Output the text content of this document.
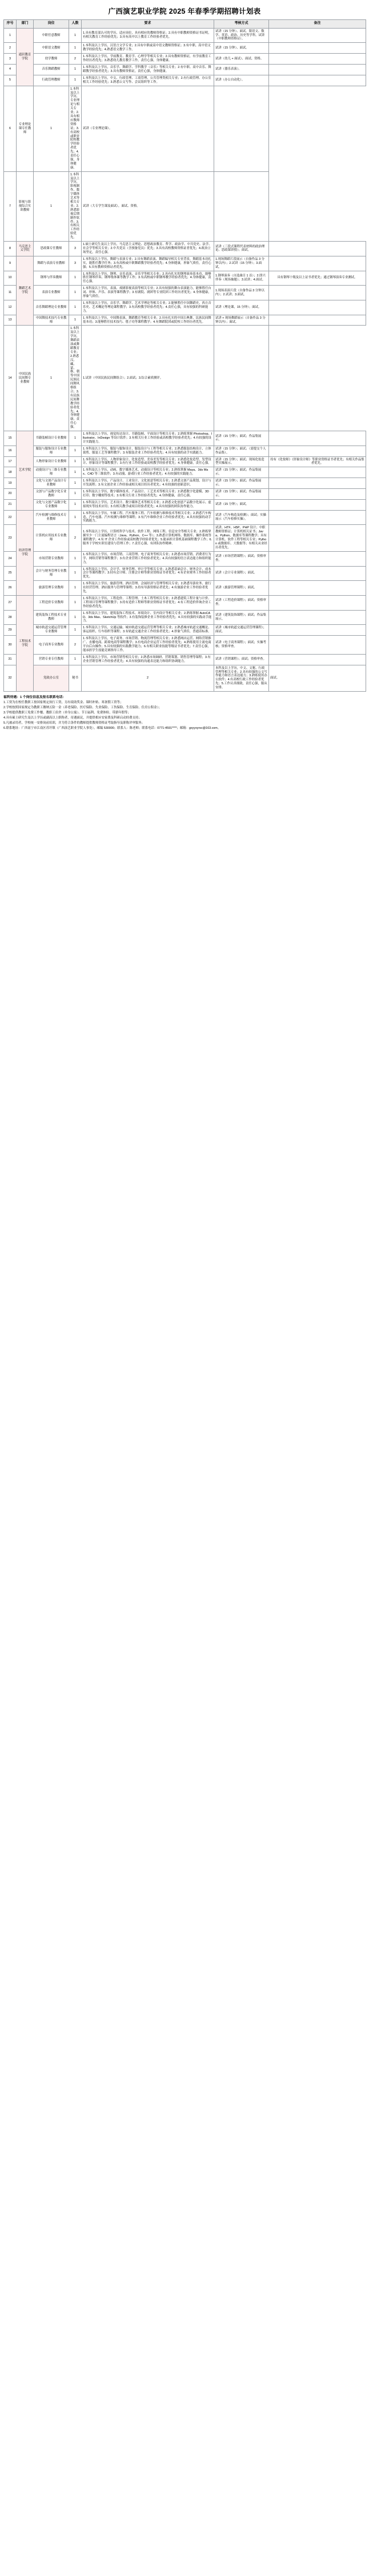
广西演艺职业学院 2025 年春季学期招聘计划表
序号	部门	岗位	人数	要求	考核方式	备注	
1	通识教育学院	中职任意教师	1	1.具有教育部认可的学历，适应岗位，具有相应的教师资格证；2.具有中职教师资格证书证明，有相关教育工作经验优先；3.具有高中以上教育工作经验者优先。	试讲（15 分钟）、面试。限语文、数学、英语、政治、历史等学科。试讲（中职教师资格证）。		
2		中职语文教师	1	1.本科及以上学历，汉语言文学专业；2.具有中职或高中语文教师资格证；3.有中职、高中语文教学经验优先；4.熟悉语文教学工作。	试讲（15 分钟）、面试。		
3		幼学教师	2	1.本科及以上学历，学前教育、教育学、心理学等相关专业；2.具有教师资格证，有学前教育工作经历者优先；3.熟悉幼儿教育教学工作，责任心强，身体健康。	试讲（幼儿 + 面试）、面试、资格。		
4		音乐舞蹈教师	1	1.本科及以上学历，音乐学、舞蹈学、学科教学（音乐）等相关专业；2.有中职、高中音乐、舞蹈教学经验者优先；3.具有教师资格证，责任心强，身体健康。	试讲（器乐表演）。		
5		行政管理教师	1	1.本科及以上学历，中文、行政管理、工商管理、公共管理类相关专业；2.有行政管理、办公室相关工作经验优先；3.熟悉公文写作、会议组织等工作。	试讲（办公自动化）。		
6	专业理论课专任教师	1	1.本科及以上学历，专业理论与相关专业；2.具有相应教师资格证；3.有高校或职业院校教学经验者优先；4.责任心强，身体健康。	试讲（专业理论课）。			
7	影视与影视综合实训教师	1	1.本科及以上学历，影视制作、数字媒体艺术等相关专业；2.熟悉影视后期制作软件；3.有相关工作经验优先。	试讲（大专学生课及面试），面试、资格。			
8	马克思主义学院	思政课专任教师	3	1.硕士研究生及以上学历，马克思主义理论、思想政治教育、哲学、政治学、中共党史、法学、社会学等相关专业；2.中共党员（含预备党员）优先；3.具有高校教师资格证者优先；4.政治立场坚定，责任心强。	试讲（三段式课程代表材料的政治理论、思政课讲授）；面试。		
9	舞蹈艺术学院	舞蹈与表演专业教师	3	1.本科及以上学历，舞蹈与表演专业；2.具有舞蹈表演、舞蹈编导相关专业背景，舞蹈基本功扎实，能胜任教学任务；3.有高校或中职舞蹈教学经验者优先；4.身体健康，形象气质佳，责任心强；5.具有教师资格证者优先。	1.现场舞蹈片段展示（自备作品 3 分钟以内）；2.试讲（15 分钟）；3.面试。		
10		钢琴与伴奏教师	1	1.本科及以上学历，钢琴、音乐表演、音乐学等相关专业；2.具有扎实的钢琴演奏基本功，能够胜任钢琴伴奏、钢琴集体课等教学工作；3.有高校或中职钢琴教学经验者优先；4.身体健康，责任心强。	1.钢琴演奏（自选曲目 1 首）；2.即兴伴奏（现场抽题）；3.试讲；4.面试。	具有钢琴十级及以上证书者优先；通过钢琴演奏专业测试。	
11		表演专业教师	1	1.本科及以上学历，表演、戏剧影视表演等相关专业；2.具有较强的舞台表演能力，能够胜任台词、形体、声乐、表演等课程教学；3.有剧院、剧团等专业院团工作经历者优先；4.身体健康，形象气质佳。	1.现场表演片段（自备作品 3 分钟以内）；2.试讲；3.面试。		
12		音乐舞蹈理论专业教师	1	1.本科及以上学历，音乐学、舞蹈学、艺术学理论等相关专业；2.能够胜任中国舞蹈史、西方音乐史、艺术概论等理论课程教学；3.有高校教学经验者优先；4.责任心强，具有较强的科研能力。	试讲（理论课，15 分钟）；面试。		
13		中国舞技术技巧专业教师	1	1.本科及以上学历，中国舞表演、舞蹈教育等相关专业；2.具有扎实的中国古典舞、民族民间舞基本功；3.能够胜任技术技巧、毯子功等课程教学；4.有舞蹈院团或院校工作经历者优先。	试讲 + 现场舞蹈展示（自备作品 3 分钟以内）；面试。		
14	中国民族民间舞专业教师	1	1.本科及以上学历，舞蹈表演或舞蹈教育专业；2.熟悉汉、藏、蒙、维、朝等中国民族民间舞风格组合；3.有民族民间舞教学经验者优先；4.身体健康，责任心强。	1.试讲（中国民族民间舞组合）；2.面试；3.综合素质测评。			
15	艺术学院	书籍装帧设计专业教师	1	1.本科及以上学历，视觉传达设计、书籍装帧、平面设计等相关专业；2.熟练掌握 Photoshop、Illustrator、InDesign 等设计软件；3.有相关行业工作经验或高校教学经验者优先；4.有较强的设计实践能力。	试讲（15 分钟）；面试；作品集展示。		
16		服装与服饰设计专业教师	1	1.本科及以上学历，服装与服饰设计、服装设计与工程等相关专业；2.熟悉服装结构设计、立体裁剪、服装工艺等课程教学；3.有服装企业工作经验者优先；4.具有较强的动手实践能力。	试讲（15 分钟）；面试；（需提交个人作品集）。		
17		人物形象设计专业教师	1	1.本科及以上学历，人物形象设计、化妆造型、美容美发等相关专业；2.熟悉化妆造型、发型设计、形象设计等课程教学；3.有行业工作经验或高校教学经验者优先；4.身体健康，责任心强。	试讲（15 分钟）；面试；现场化妆造型实操展示。	持有《化妆师》《形象设计师》等职业资格证书者优先；有相关作品集者优先。	
18		动漫设计与三维专业教师	1	1.本科及以上学历，动画、数字媒体艺术、动漫设计等相关专业；2.熟练掌握 Maya、3ds Max、C4D 等三维软件；3.有动漫、游戏行业工作经验者优先；4.有较强的实践能力。	试讲（15 分钟）；面试；作品集展示。		
19		文化与文创产品设计专业教师	1	1.本科及以上学历，产品设计、工业设计、文化创意等相关专业；2.熟悉文创产品策划、设计与开发流程；3.有文创企业工作经验或相关项目经历者优先；4.有较强的创新意识。	试讲（15 分钟）；面试；作品集展示。		
20		文创与产品数字化专业教师	1	1.本科及以上学历，数字媒体技术、产品设计、工艺美术等相关专业；2.熟悉数字化建模、3D 打印、数字雕刻等技术；3.有相关行业工作经验者优先；4.身体健康，责任心强。	试讲（15 分钟）；面试；作品集展示。		
21		文化与文创产品数字化专业教师	1	1.本科及以上学历，艺术设计、数字媒体艺术等相关专业；2.熟悉文化创意产品数字化展示、虚拟现实等技术应用；3.有相关教学或项目经验者优先；4.具有较强的团队协作能力。	试讲（15 分钟）；面试。		
22	经济管理学院	汽车检测与维修技术专业教师	1	1.本科及以上学历，车辆工程、汽车服务工程、汽车检测与维修技术等相关专业；2.熟悉汽车构造、汽车电器、汽车检测与维修等课程；3.有汽车维修企业工作经验者优先；4.具有较强的动手实践能力。	试讲（汽车构造及检测）；面试；实操展示（汽车检修实操）。		
23		计算机应用技术专业教师	2	1.本科及以上学历，计算机科学与技术、软件工程、网络工程、信息安全等相关专业；2.熟练掌握至少一门主流编程语言（Java、Python、C++ 等）；3.熟悉计算机网络、数据库、操作系统等课程教学；4.有 IT 企业工作经验或高校教学经验者优先；5.能承担计算机基础课程教学工作；6.服务于学校实训室建设与管理工作；7.责任心强，有团队协作精神。	试讲、HTF、H5P、PHP 设计；中职教师资格证；计算机相关证书；Java、Python、数据库等课程教学；具有计算机、软件工程等相关专业；Python 或数据库、大数据等；有相关从业经历者优先。		
24		市场营销专业教师	1	1.本科及以上学历，市场营销、工商管理、电子商务等相关专业；2.熟悉市场营销、消费者行为学、网络营销等课程教学；3.有企业营销工作经验者优先；4.具有较强的语言表达能力和组织能力。	试讲（市场营销课程）；面试；资格审查。		
25		会计与财务管理专业教师	1	1.本科及以上学历，会计学、财务管理、审计学等相关专业；2.熟悉基础会计、财务会计、成本会计等课程教学；3.持有会计师、注册会计师等职业资格证书者优先；4.有企业财务工作经验者优先。	试讲（会计专业课程）；面试。		
26		旅游管理专业教师	1	1.本科及以上学历，旅游管理、酒店管理、会展经济与管理等相关专业；2.熟悉导游业务、旅行社经营管理、酒店服务与管理等课程；3.持有导游资格证者优先；4.有旅游企业工作经验者优先。	试讲（旅游管理课程）；面试。		
27	工程技术学院	工程造价专业教师	1	1.本科及以上学历，工程造价、工程管理、土木工程等相关专业；2.熟悉建筑工程计量与计价、工程项目管理等课程教学；3.持有造价工程师等职业资格证书者优先；4.有工程造价咨询企业工作经验者优先。	试讲（工程造价课程）；面试；资格审查。		
28		建筑装饰工程技术专业教师	1	1.本科及以上学历，建筑装饰工程技术、环境设计、室内设计等相关专业；2.熟练掌握 AutoCAD、3ds Max、SketchUp 等软件；3.有装饰装修企业工作经验者优先；4.具有较强的实践动手能力。	试讲（建筑装饰课程）；面试；作品集展示。		
29		城市轨道交通运营管理专业教师	1	1.本科及以上学历，交通运输、城市轨道交通运营管理等相关专业；2.熟悉城市轨道交通概论、客运组织、行车组织等课程；3.有轨道交通企业工作经验者优先；4.形象气质佳，普通话标准。	试讲（城市轨道交通运营管理课程）；面试。		
30		电子商务专业教师	2	1.本科及以上学历，电子商务、市场营销、物流管理等相关专业；2.熟悉网店运营、网络营销推广、直播电商、跨境电商等课程教学；3.有电商企业运营工作经验者优先；4.熟练使用主流电商平台后台操作；5.具有较强的实践教学能力；6.有相关职业技能等级证书者优先；7.责任心强，能承担学生技能竞赛指导工作。	试讲（电子商务课程）；面试；实操考核；资格审查。		
31		营销专业专任教师	1	1.本科及以上学历，市场营销等相关专业；2.熟悉市场调研、营销策划、销售管理等课程；3.有企业营销管理工作经验者优先；4.具有较强的沟通表达能力和组织协调能力。	试讲（营销课程）；面试；资格审查。		
32		党政办公室	秘书	2	本科及以上学历，中文、文秘、行政管理等相关专业；2.具有较强的公文写作能力和语言表达能力；3.熟练使用办公软件；4.有高校行政工作经验者优先；5.工作认真细致，责任心强，服从安排。	面试。	
福利待遇：1 个岗位信息及报名联系电话：

1.工资为在校任教职工按国家规定执行工资，另有绩效奖金、课时补贴、寒暑假工资等；

2.学校按照国家规定为教职工缴纳五险一金（养老保险、医疗保险、失业保险、工伤保险、生育保险、住房公积金）；

3.学校提供教职工免费工作餐、教职工宿舍（单身公寓）、节日福利、免费体检、带薪年假等；

4.具有硕士研究生及以上学历或副高以上职称者，待遇面议，并提供相应安家费及科研启动经费支持；

5.凡被录用者，学校统一安排岗前培训，并为符合条件的教师提供教师资格证考取指导及职称评审服务；

6.联系地址：广西南宁市江南区苏圩镇（广西演艺职业学院人事处），邮编 530000；联系人：陈老师；联系电话：0771-4591****；邮箱：gxyyxyrsc@163.com。
